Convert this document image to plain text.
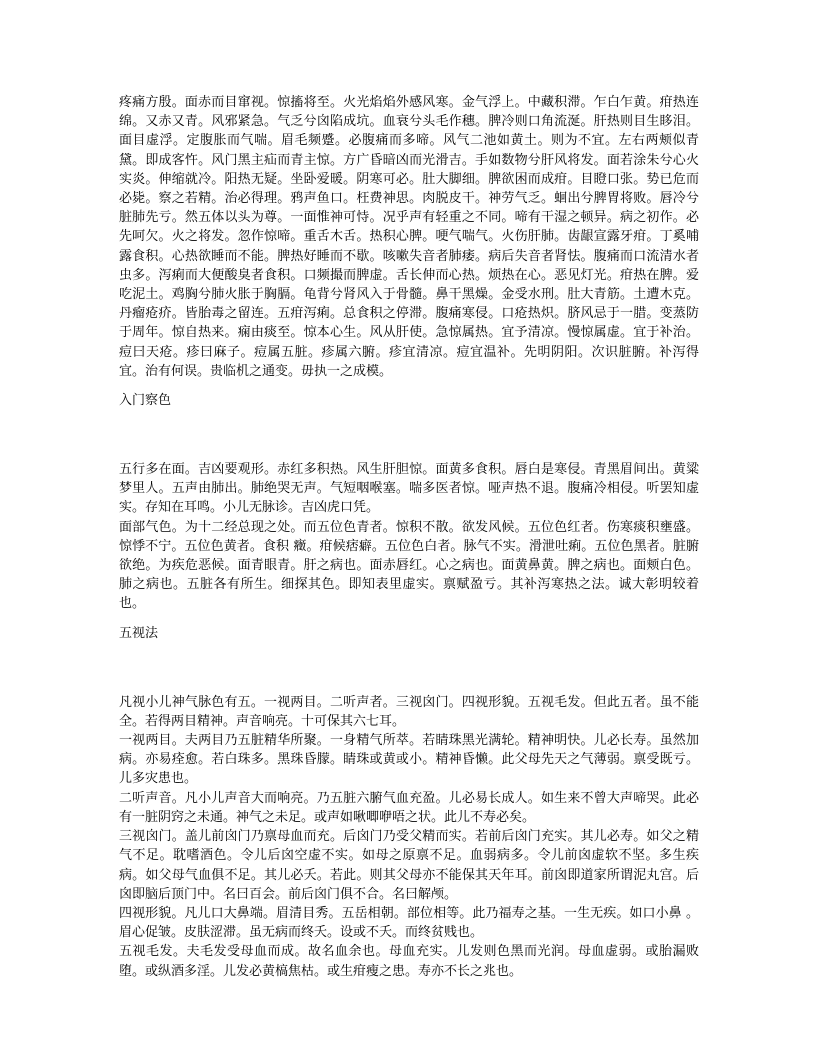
疼痛方殷。面赤而目窜视。惊搐将至。火光焰焰外感风寒。金气浮上。中藏积滞。乍白乍黄。疳热连绵。又赤又青。风邪紧急。气乏兮囟陷成坑。血衰兮头毛作穗。脾冷则口角流涎。肝热则目生眵泪。面目虚浮。定腹胀而气喘。眉毛频蹙。必腹痛而多啼。风气二池如黄土。则为不宜。左右两颊似青黛。即成客忤。风门黑主疝而青主惊。方广昏暗凶而光滑吉。手如数物兮肝风将发。面若涂朱兮心火实炎。伸缩就冷。阳热无疑。坐卧爱暖。阴寒可必。肚大脚细。脾欲困而成疳。目瞪口张。势已危而必毙。察之若精。治必得理。鸦声鱼口。枉费神思。肉脱皮干。神劳气乏。蛔出兮脾胃将败。唇冷兮脏肺先亏。然五体以头为尊。一面惟神可恃。况乎声有轻重之不同。啼有干湿之顿异。病之初作。必先呵欠。火之将发。忽作惊啼。重舌木舌。热积心脾。哽气喘气。火伤肝肺。齿龈宣露牙疳。丁奚哺露食积。心热欲睡而不能。脾热好睡而不歇。咳嗽失音者肺痿。病后失音者肾怯。腹痛而口流清水者虫多。泻痢而大便酸臭者食积。口频撮而脾虚。舌长伸而心热。烦热在心。恶见灯光。疳热在脾。爱吃泥土。鸡胸兮肺火胀于胸膈。龟背兮肾风入于骨髓。鼻干黑燥。金受水刑。肚大青筋。土遭木克。丹瘤疮疥。皆胎毒之留连。五疳泻痢。总食积之停滞。腹痛寒侵。口疮热炽。脐风忌于一腊。变蒸防于周年。惊自热来。痫由痰至。惊本心生。风从肝使。急惊属热。宜予清凉。慢惊属虚。宜于补治。痘曰天疮。疹曰麻子。痘属五脏。疹属六腑。疹宜清凉。痘宜温补。先明阴阳。次识脏腑。补泻得宜。治有何误。贵临机之通变。毋执一之成模。

入门察色

五行多在面。吉凶要观形。赤红多积热。风生肝胆惊。面黄多食积。唇白是寒侵。青黑眉间出。黄粱梦里人。五声由肺出。肺绝哭无声。气短咽喉塞。喘多医者惊。哑声热不退。腹痛冷相侵。听罢知虚实。存知在耳鸣。小儿无脉诊。吉凶虎口凭。

面部气色。为十二经总现之处。而五位色青者。惊积不散。欲发风候。五位色红者。伤寒痰积壅盛。惊悸不宁。五位色黄者。食积 癥。疳候痞癖。五位色白者。脉气不实。滑泄吐痢。五位色黑者。脏腑欲绝。为疾危恶候。面青眼青。肝之病也。面赤唇红。心之病也。面黄鼻黄。脾之病也。面颊白色。肺之病也。五脏各有所生。细探其色。即知表里虚实。禀赋盈亏。其补泻寒热之法。诚大彰明较着也。

五视法

凡视小儿神气脉色有五。一视两目。二听声者。三视囟门。四视形貌。五视毛发。但此五者。虽不能全。若得两目精神。声音响亮。十可保其六七耳。

一视两目。夫两目乃五脏精华所聚。一身精气所萃。若睛珠黑光满轮。精神明快。儿必长寿。虽然加病。亦易痊愈。若白珠多。黑珠昏朦。睛珠或黄或小。精神昏懒。此父母先天之气薄弱。禀受既亏。儿多灾患也。

二听声音。凡小儿声音大而响亮。乃五脏六腑气血充盈。儿必易长成人。如生来不曾大声啼哭。此必有一脏阴窍之未通。神气之未足。或声如啾唧咿唔之状。此儿不寿必矣。

三视囟门。盖儿前囟门乃禀母血而充。后囟门乃受父精而实。若前后囟门充实。其儿必寿。如父之精气不足。耽嗜酒色。令儿后囟空虚不实。如母之原禀不足。血弱病多。令儿前囟虚软不坚。多生疾病。如父母气血俱不足。其儿必夭。若此。则其父母亦不能保其天年耳。前囟即道家所谓泥丸宫。后囟即脑后顶门中。名曰百会。前后囟门俱不合。名曰解颅。

四视形貌。凡儿口大鼻端。眉清目秀。五岳相朝。部位相等。此乃福寿之基。一生无疾。如口小鼻 。眉心促皱。皮肤涩滞。虽无病而终夭。设或不夭。而终贫贱也。

五视毛发。夫毛发受母血而成。故名血余也。母血充实。儿发则色黑而光润。母血虚弱。或胎漏败堕。或纵酒多淫。儿发必黄槁焦枯。或生疳瘦之患。寿亦不长之兆也。
